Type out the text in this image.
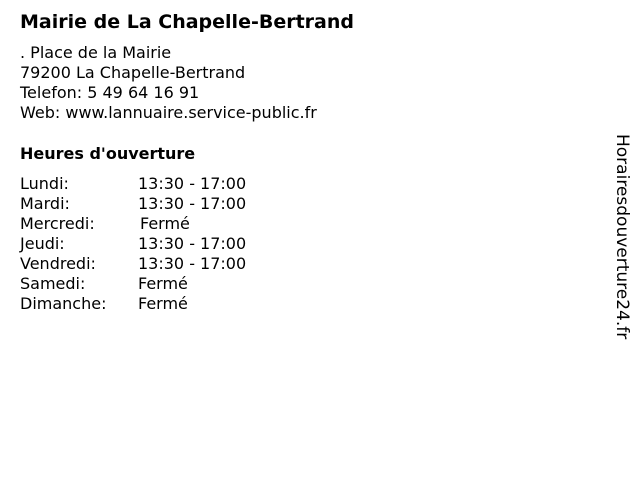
Mairie de La Chapelle-Bertrand
. Place de la Mairie
79200 La Chapelle-Bertrand
Telefon: 5 49 64 16 91
Web: www.lannuaire.service-public.fr
Heures d'ouverture
Lundi:	13:30 - 17:00
Mardi:	13:30 - 17:00
Mercredi:	Fermé
Jeudi:	13:30 - 17:00
Vendredi:	13:30 - 17:00
Samedi:	Fermé
Dimanche: Fermé	Horairesdouverture24.fr
